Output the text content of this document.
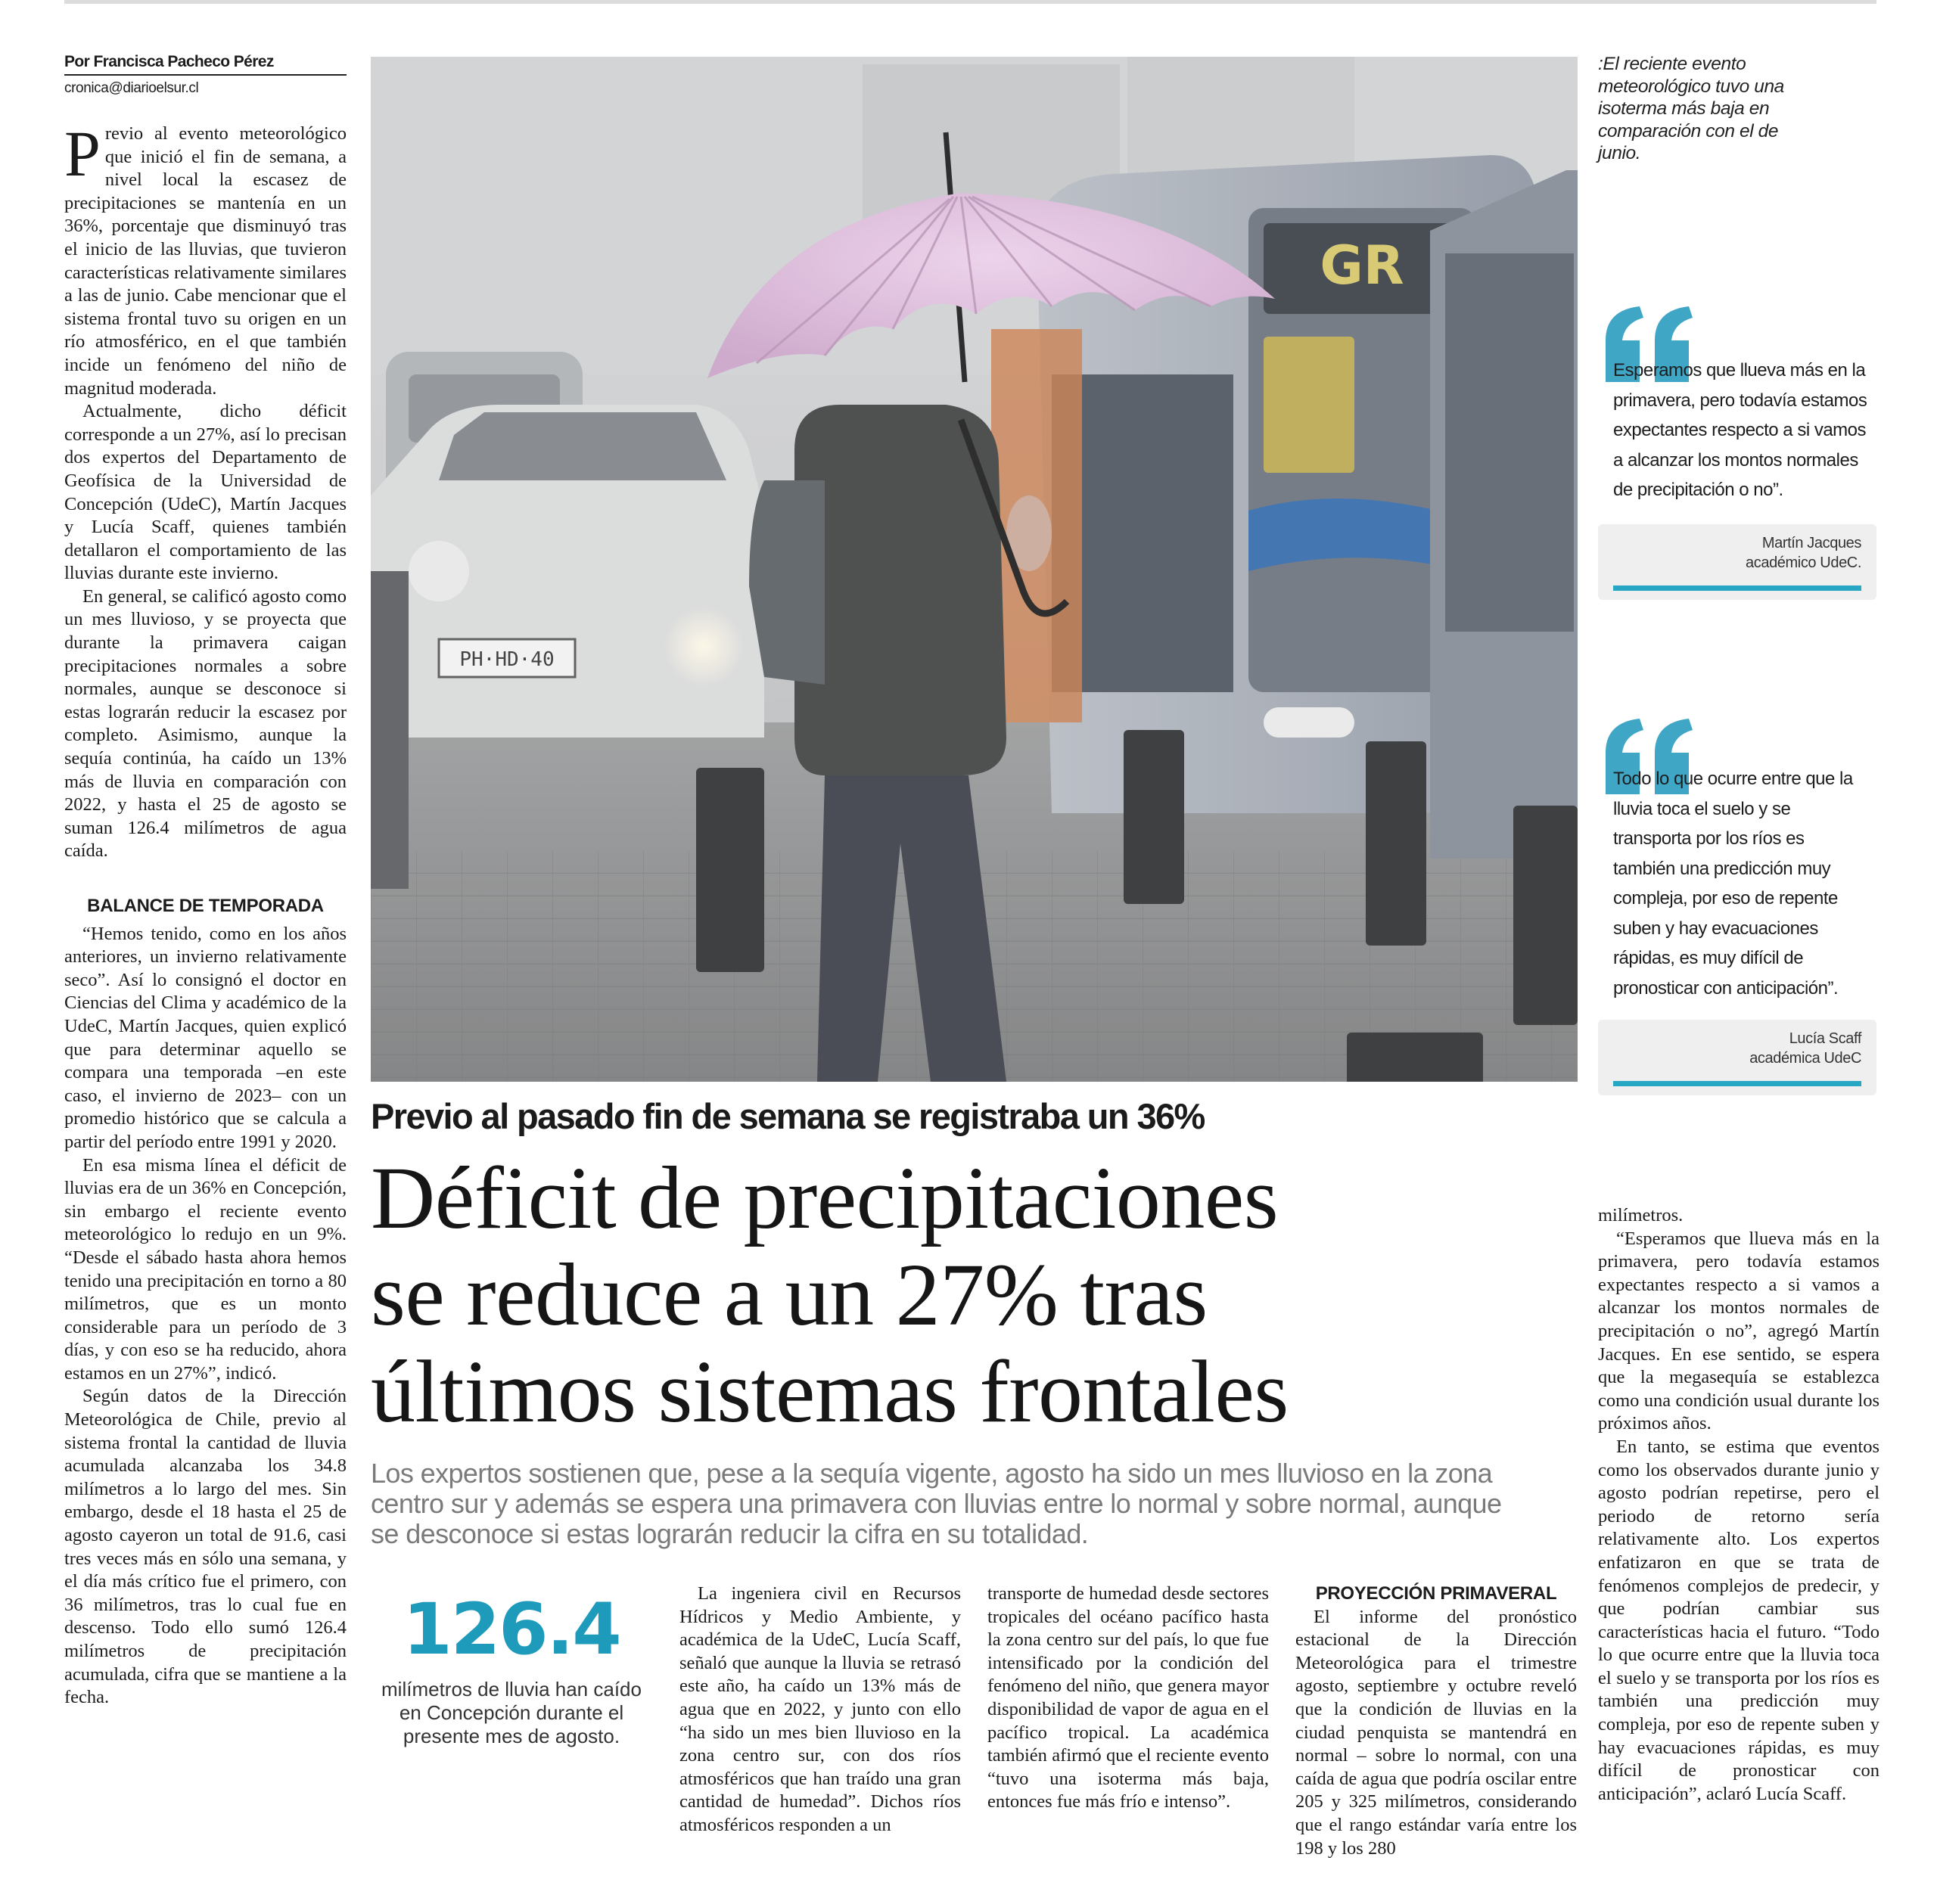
Por Francisca Pacheco Pérez
cronica@diarioelsur.cl

Previo al evento meteorológico que inició el fin de semana, a nivel local la escasez de precipitaciones se mantenía en un 36%, porcentaje que disminuyó tras el inicio de las lluvias, que tuvieron características relativamente similares a las de junio. Cabe mencionar que el sistema frontal tuvo su origen en un río atmosférico, en el que también incide un fenómeno del niño de magnitud moderada.

Actualmente, dicho déficit corresponde a un 27%, así lo precisan dos expertos del Departamento de Geofísica de la Universidad de Concepción (UdeC), Martín Jacques y Lucía Scaff, quienes también detallaron el comportamiento de las lluvias durante este invierno.

En general, se calificó agosto como un mes lluvioso, y se proyecta que durante la primavera caigan precipitaciones normales a sobre normales, aunque se desconoce si estas lograrán reducir la escasez por completo. Asimismo, aunque la sequía continúa, ha caído un 13% más de lluvia en comparación con 2022, y hasta el 25 de agosto se suman 126.4 milímetros de agua caída.

BALANCE DE TEMPORADA

“Hemos tenido, como en los años anteriores, un invierno relativamente seco”. Así lo consignó el doctor en Ciencias del Clima y académico de la UdeC, Martín Jacques, quien explicó que para determinar aquello se compara una temporada –en este caso, el invierno de 2023– con un promedio histórico que se calcula a partir del período entre 1991 y 2020.

En esa misma línea el déficit de lluvias era de un 36% en Concepción, sin embargo el reciente evento meteorológico lo redujo en un 9%. “Desde el sábado hasta ahora hemos tenido una precipitación en torno a 80 milímetros, que es un monto considerable para un período de 3 días, y con eso se ha reducido, ahora estamos en un 27%”, indicó.

Según datos de la Dirección Meteorológica de Chile, previo al sistema frontal la cantidad de lluvia acumulada alcanzaba los 34.8 milímetros a lo largo del mes. Sin embargo, desde el 18 hasta el 25 de agosto cayeron un total de 91.6, casi tres veces más en sólo una semana, y el día más crítico fue el primero, con 36 milímetros, tras lo cual fue en descenso. Todo ello sumó 126.4 milímetros de precipitación acumulada, cifra que se mantiene a la fecha.

PH·HD·40
GR
:El reciente evento meteorológico tuvo una isoterma más baja en comparación con el de junio.
Esperamos que llueva más en la primavera, pero todavía estamos expectantes respecto a si vamos a alcanzar los montos normales de precipitación o no”.
Martín Jacques
académico UdeC.
Todo lo que ocurre entre que la lluvia toca el suelo y se transporta por los ríos es también una predicción muy compleja, por eso de repente suben y hay evacuaciones rápidas, es muy difícil de pronosticar con anticipación”.
Lucía Scaff
académica UdeC
Previo al pasado fin de semana se registraba un 36%
Déficit de precipitaciones
se reduce a un 27% tras
últimos sistemas frontales
Los expertos sostienen que, pese a la sequía vigente, agosto ha sido un mes lluvioso en la zona centro sur y además se espera una primavera con lluvias entre lo normal y sobre normal, aunque se desconoce si estas lograrán reducir la cifra en su totalidad.
126.4
milímetros de lluvia han caído en Concepción durante el presente mes de agosto.

La ingeniera civil en Recursos Hídricos y Medio Ambiente, y académica de la UdeC, Lucía Scaff, señaló que aunque la lluvia se retrasó este año, ha caído un 13% más de agua que en 2022, y junto con ello “ha sido un mes bien lluvioso en la zona centro sur, con dos ríos atmosféricos que han traído una gran cantidad de humedad”. Dichos ríos atmosféricos responden a un

transporte de humedad desde sectores tropicales del océano pacífico hasta la zona centro sur del país, lo que fue intensificado por la condición del fenómeno del niño, que genera mayor disponibilidad de vapor de agua en el pacífico tropical. La académica también afirmó que el reciente evento “tuvo una isoterma más baja, entonces fue más frío e intenso”.

PROYECCIÓN PRIMAVERAL

El informe del pronóstico estacional de la Dirección Meteorológica para el trimestre agosto, septiembre y octubre reveló que la condición de lluvias en la ciudad penquista se mantendrá en normal – sobre lo normal, con una caída de agua que podría oscilar entre 205 y 325 milímetros, considerando que el rango estándar varía entre los 198 y los 280

milímetros.

“Esperamos que llueva más en la primavera, pero todavía estamos expectantes respecto a si vamos a alcanzar los montos normales de precipitación o no”, agregó Martín Jacques. En ese sentido, se espera que la megasequía se establezca como una condición usual durante los próximos años.

En tanto, se estima que eventos como los observados durante junio y agosto podrían repetirse, pero el periodo de retorno sería relativamente alto. Los expertos enfatizaron en que se trata de fenómenos complejos de predecir, y que podrían cambiar sus características hacia el futuro. “Todo lo que ocurre entre que la lluvia toca el suelo y se transporta por los ríos es también una predicción muy compleja, por eso de repente suben y hay evacuaciones rápidas, es muy difícil de pronosticar con anticipación”, aclaró Lucía Scaff.
